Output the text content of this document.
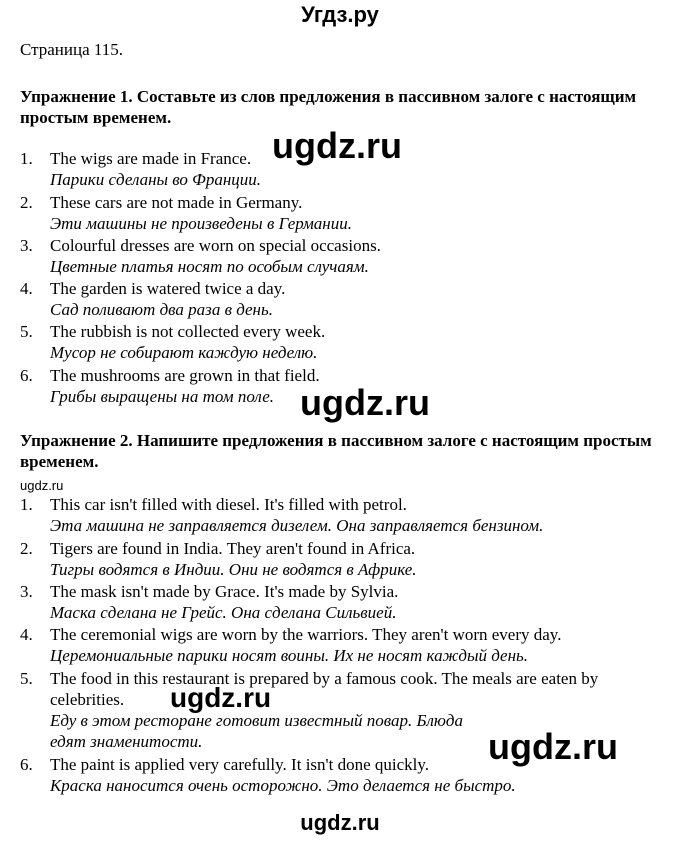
Угдз.ру
Страница 115.
Упражнение 1. Составьте из слов предложения в пассивном залоге с настоящим простым временем.
1.	The wigs are made in France.
Парики сделаны во Франции.
2.	These cars are not made in Germany.
Эти машины не произведены в Германии.
3.	Colourful dresses are worn on special occasions.
Цветные платья носят по особым случаям.
4.	The garden is watered twice a day.
Сад поливают два раза в день.
5.	The rubbish is not collected every week.
Мусор не собирают каждую неделю.
6.	The mushrooms are grown in that field.
Грибы выращены на том поле.
Упражнение 2. Напишите предложения в пассивном залоге с настоящим простым временем.
ugdz.ru
1.	This car isn't filled with diesel. It's filled with petrol.
Эта машина не заправляется дизелем. Она заправляется бензином.
2.	Tigers are found in India. They aren't found in Africa.
Тигры водятся в Индии. Они не водятся в Африке.
3.	The mask isn't made by Grace. It's made by Sylvia.
Маска сделана не Грейс. Она сделана Сильвией.
4.	The ceremonial wigs are worn by the warriors. They aren't worn every day.
Церемониальные парики носят воины. Их не носят каждый день.
5.	The food in this restaurant is prepared by a famous cook. The meals are eaten by celebrities.
Еду в этом ресторане готовит известный повар. Блюда едят знаменитости.
6.	The paint is applied very carefully. It isn't done quickly.
Краска наносится очень осторожно. Это делается не быстро.
ugdz.ru
ugdz.ru
ugdz.ru
ugdz.ru
ugdz.ru
